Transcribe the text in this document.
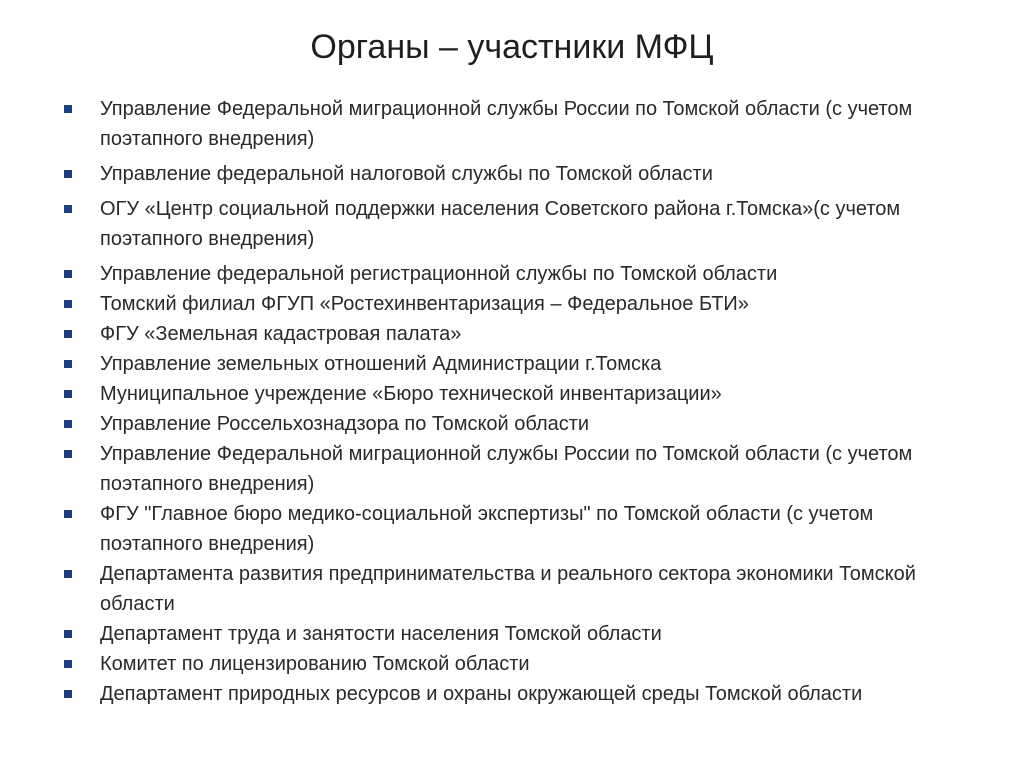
Органы – участники МФЦ
Управление Федеральной миграционной службы России по Томской области (с учетом поэтапного внедрения)
Управление федеральной налоговой службы по Томской области
ОГУ «Центр социальной поддержки населения Советского района г.Томска»(с учетом поэтапного внедрения)
Управление федеральной регистрационной службы по Томской области
Томский филиал ФГУП «Ростехинвентаризация – Федеральное БТИ»
ФГУ «Земельная кадастровая палата»
Управление земельных отношений Администрации г.Томска
Муниципальное учреждение «Бюро технической инвентаризации»
Управление Россельхознадзора по Томской области
Управление Федеральной миграционной службы России по Томской области (с учетом поэтапного внедрения)
ФГУ "Главное бюро медико-социальной экспертизы" по Томской области (с учетом поэтапного внедрения)
Департамента развития предпринимательства и реального сектора экономики Томской области
Департамент труда и занятости населения Томской области
Комитет по лицензированию Томской области
Департамент природных ресурсов и охраны окружающей среды Томской области
